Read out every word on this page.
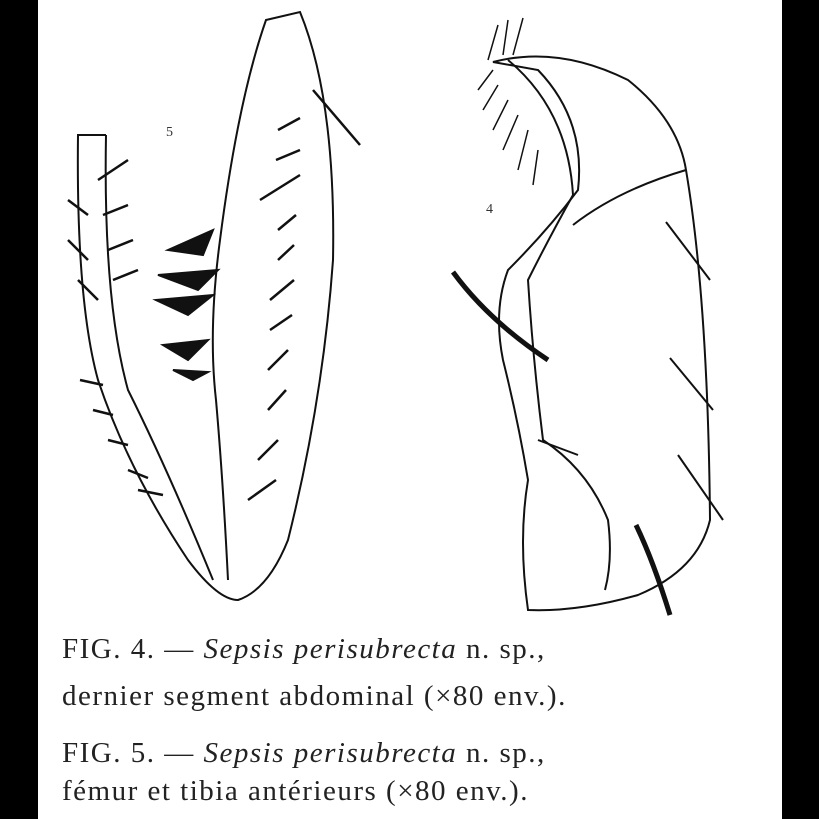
5
4
FIG. 4. — Sepsis perisubrecta n. sp.,
dernier segment abdominal (×80 env.).
FIG. 5. — Sepsis perisubrecta n. sp.,
fémur et tibia antérieurs (×80 env.).
